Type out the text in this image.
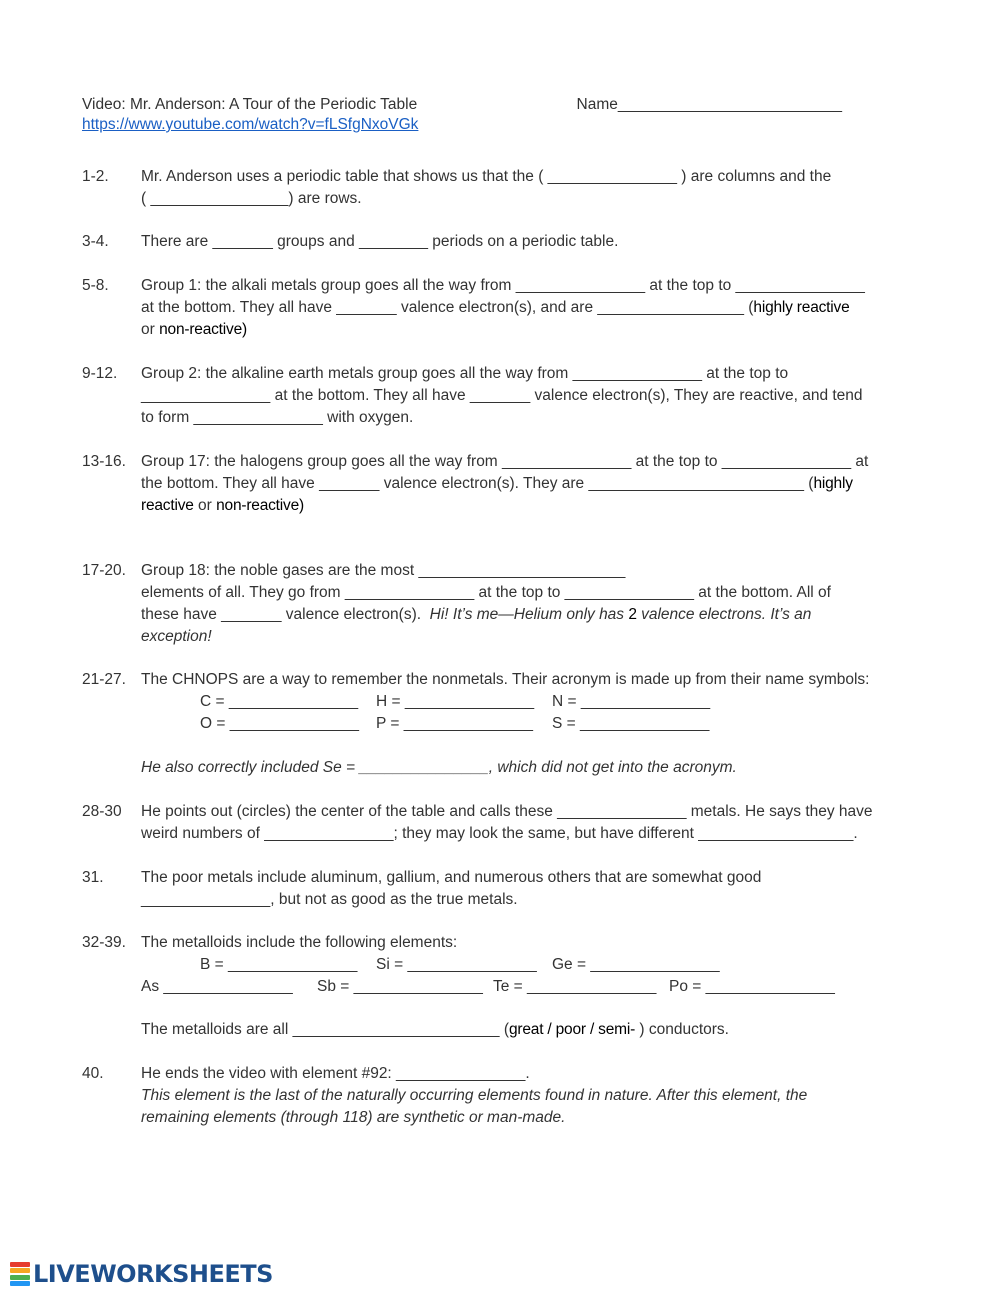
Video: Mr. Anderson: A Tour of the Periodic Table	Name__________________________
https://www.youtube.com/watch?v=fLSfgNxoVGk
1-2.	Mr. Anderson uses a periodic table that shows us that the ( _______________ ) are columns and the
( ________________) are rows.
3-4.	There are _______ groups and ________ periods on a periodic table.
5-8.	Group 1: the alkali metals group goes all the way from _______________ at the top to _______________
at the bottom. They all have _______ valence electron(s), and are _________________ (highly reactive
or non-reactive)
9-12.	Group 2: the alkaline earth metals group goes all the way from _______________ at the top to
_______________ at the bottom. They all have _______ valence electron(s), They are reactive, and tend
to form _______________ with oxygen.
13-16. Group 17: the halogens group goes all the way from _______________ at the top to _______________ at
the bottom. They all have _______ valence electron(s). They are _________________________ (highly
reactive or non-reactive)
17-20. Group 18: the noble gases are the most ________________________
elements of all. They go from _______________ at the top to _______________ at the bottom. All of
these have _______ valence electron(s). Hi! It’s me—Helium only has 2 valence electrons. It’s an
exception!
21-27. The CHNOPS are a way to remember the nonmetals. Their acronym is made up from their name symbols:
C = _______________	H = _______________	N = _______________
O = _______________	P = _______________	S = _______________
He also correctly included Se = _______________, which did not get into the acronym.
28-30	He points out (circles) the center of the table and calls these _______________ metals. He says they have
weird numbers of _______________; they may look the same, but have different __________________.
31.	The poor metals include aluminum, gallium, and numerous others that are somewhat good
_______________, but not as good as the true metals.
32-39. The metalloids include the following elements:
B = _______________	Si = _______________ Ge = _______________
As _______________	Sb = _______________ Te = _______________ Po = _______________
The metalloids are all ________________________ (great / poor / semi- ) conductors.
40.	He ends the video with element #92: _______________.
This element is the last of the naturally occurring elements found in nature. After this element, the
remaining elements (through 118) are synthetic or man-made.
LIVEWORKSHEETS
